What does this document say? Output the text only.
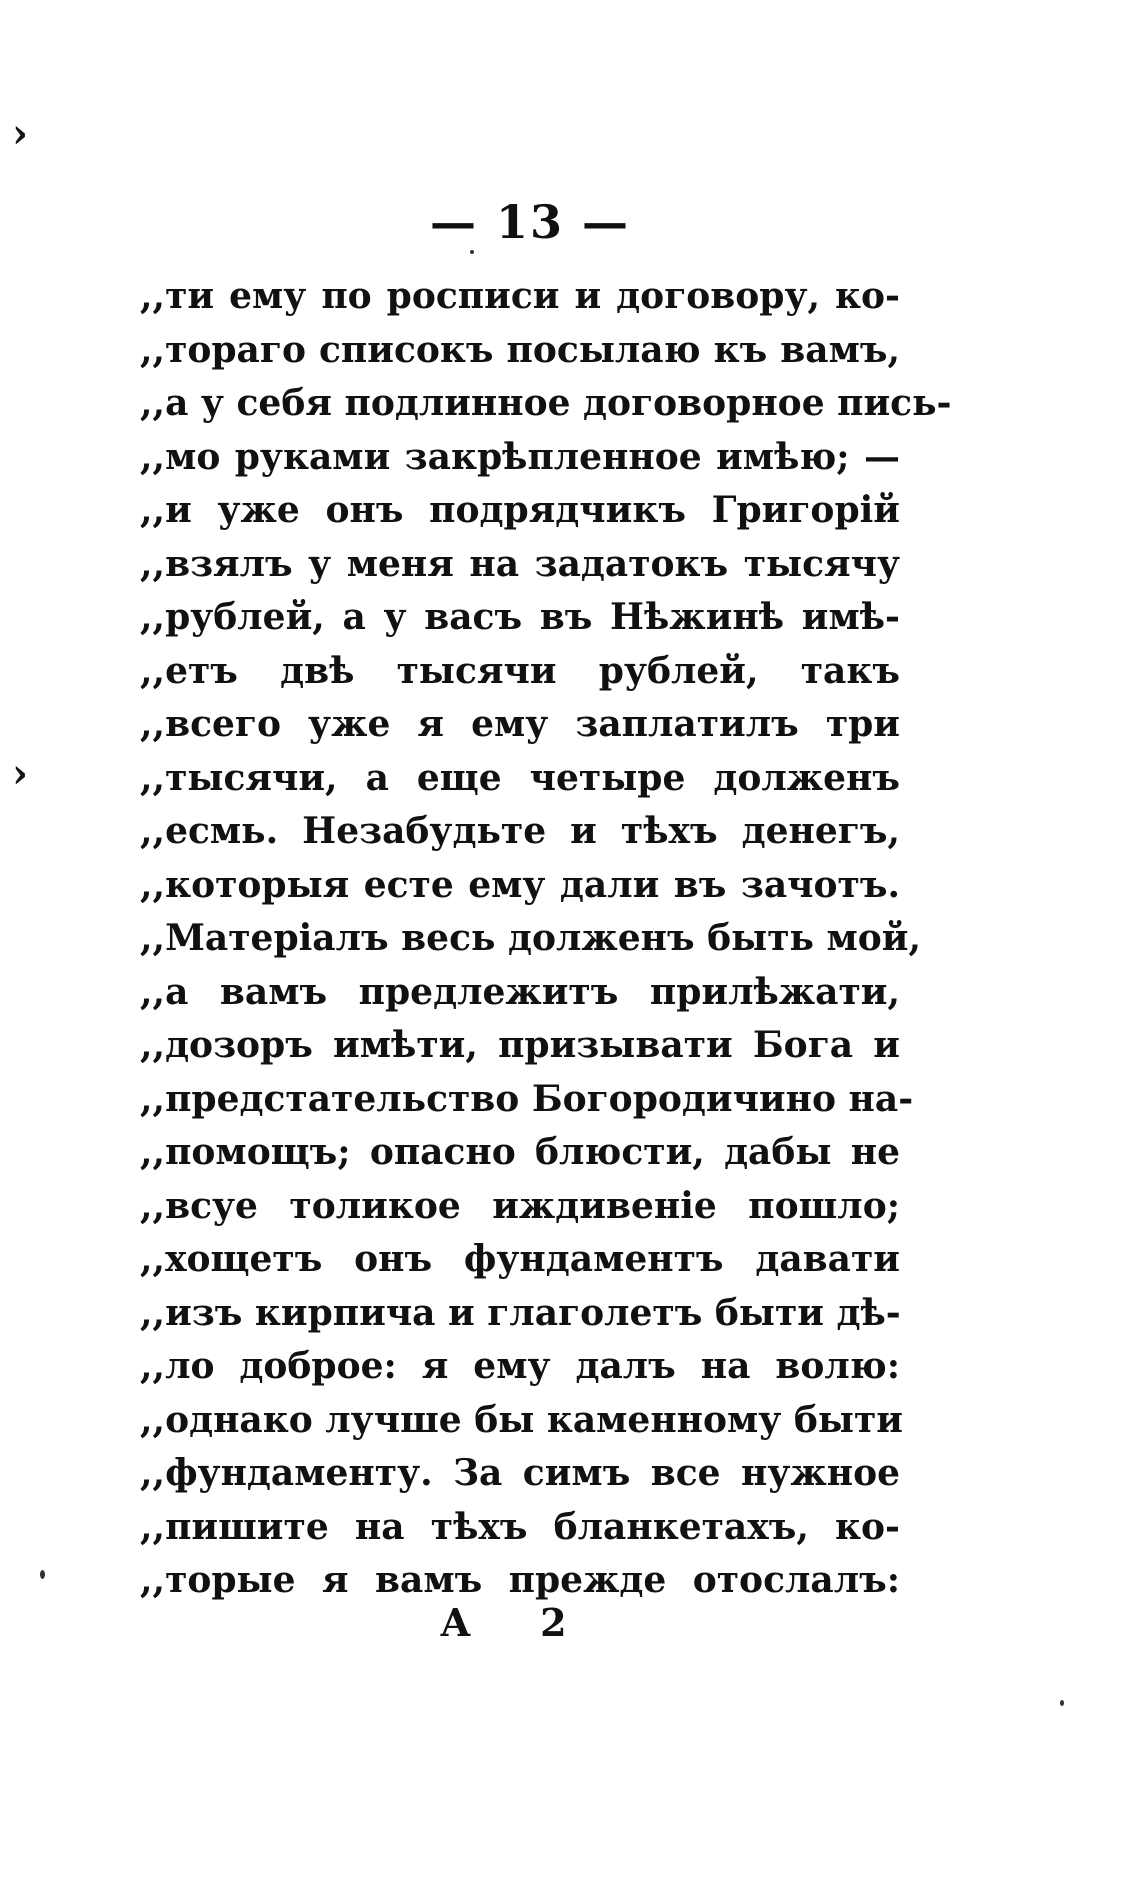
›
›
— 13 —
,,ти ему по росписи и договору, ко-
,,тораго списокъ посылаю къ вамъ,
,,а у себя подлинное договорное пись-
,,мо руками закрѣпленное имѣю; —
,,и уже онъ подрядчикъ Григорій
,,взялъ у меня на задатокъ тысячу
,,рублей, а у васъ въ Нѣжинѣ имѣ-
,,етъ двѣ тысячи рублей, такъ
,,всего уже я ему заплатилъ три
,,тысячи, а еще четыре долженъ
,,есмь. Незабудьте и тѣхъ денегъ,
,,которыя есте ему дали въ зачотъ.
,,Матеріалъ весь долженъ быть мой,
,,а вамъ предлежитъ прилѣжати,
,,дозоръ имѣти, призывати Бога и
,,предстательство Богородичино на-
,,помощъ; опасно блюсти, дабы не
,,всуе толикое иждивеніе пошло;
,,хощетъ онъ фундаментъ давати
,,изъ кирпича и глаголетъ быти дѣ-
,,ло доброе: я ему далъ на волю:
,,однако лучше бы каменному быти
,,фундаменту. За симъ все нужное
,,пишите на тѣхъ бланкетахъ, ко-
,,торые я вамъ прежде отослалъ:
А 2
